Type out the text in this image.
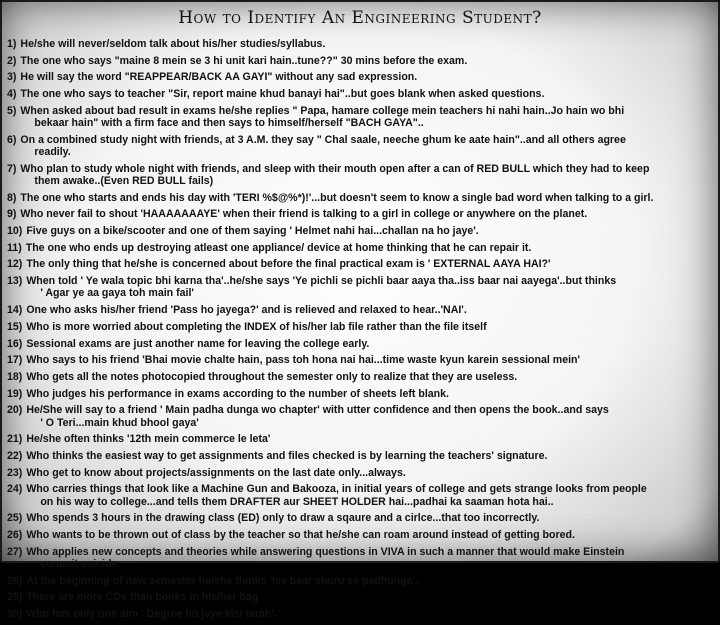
How to Identify An Engineering Student?
1) He/she will never/seldom talk about his/her studies/syllabus.
2) The one who says "maine 8 mein se 3 hi unit kari hain..tune??" 30 mins before the exam.
3) He will say the word "REAPPEAR/BACK AA GAYI" without any sad expression.
4) The one who says to teacher "Sir, report maine khud banayi hai"..but goes blank when asked questions.
5) When asked about bad result in exams he/she replies " Papa, hamare college mein teachers hi nahi hain..Jo hain wo bhi
bekaar hain" with a firm face and then says to himself/herself "BACH GAYA"..
6) On a combined study night with friends, at 3 A.M. they say " Chal saale, neeche ghum ke aate hain"..and all others agree
readily.
7) Who plan to study whole night with friends, and sleep with their mouth open after a can of RED BULL which they had to keep
them awake..(Even RED BULL fails)
8) The one who starts and ends his day with 'TERI %$@%*)!'...but doesn't seem to know a single bad word when talking to a girl.
9) Who never fail to shout 'HAAAAAAAYE' when their friend is talking to a girl in college or anywhere on the planet.
10) Five guys on a bike/scooter and one of them saying ' Helmet nahi hai...challan na ho jaye'.
11) The one who ends up destroying atleast one appliance/ device at home thinking that he can repair it.
12) The only thing that he/she is concerned about before the final practical exam is ' EXTERNAL AAYA HAI?'
13) When told ' Ye wala topic bhi karna tha'..he/she says 'Ye pichli se pichli baar aaya tha..iss baar nai aayega'..but thinks
' Agar ye aa gaya toh main fail'
14) One who asks his/her friend 'Pass ho jayega?' and is relieved and relaxed to hear..'NAI'.
15) Who is more worried about completing the INDEX of his/her lab file rather than the file itself
16) Sessional exams are just another name for leaving the college early.
17) Who says to his friend 'Bhai movie chalte hain, pass toh hona nai hai...time waste kyun karein sessional mein'
18) Who gets all the notes photocopied throughout the semester only to realize that they are useless.
19) Who judges his performance in exams according to the number of sheets left blank.
20) He/She will say to a friend ' Main padha dunga wo chapter' with utter confidence and then opens the book..and says
' O Teri...main khud bhool gaya'
21) He/she often thinks '12th mein commerce le leta'
22) Who thinks the easiest way to get assignments and files checked is by learning the teachers' signature.
23) Who get to know about projects/assignments on the last date only...always.
24) Who carries things that look like a Machine Gun and Bakooza, in initial years of college and gets strange looks from people
on his way to college...and tells them DRAFTER aur SHEET HOLDER hai...padhai ka saaman hota hai..
25) Who spends 3 hours in the drawing class (ED) only to draw a sqaure and a cirlce...that too incorrectly.
26) Who wants to be thrown out of class by the teacher so that he/she can roam around instead of getting bored.
27) Who applies new concepts and theories while answering questions in VIVA in such a manner that would make Einstein
commit suicide.
28) At the beginning of new semester he/she thinks 'Iss baar shuru se padhunga'.
29) There are more CDs than books in his/her bag
30) Who has only one aim ' Degree ho jaye kisi tarah'.
